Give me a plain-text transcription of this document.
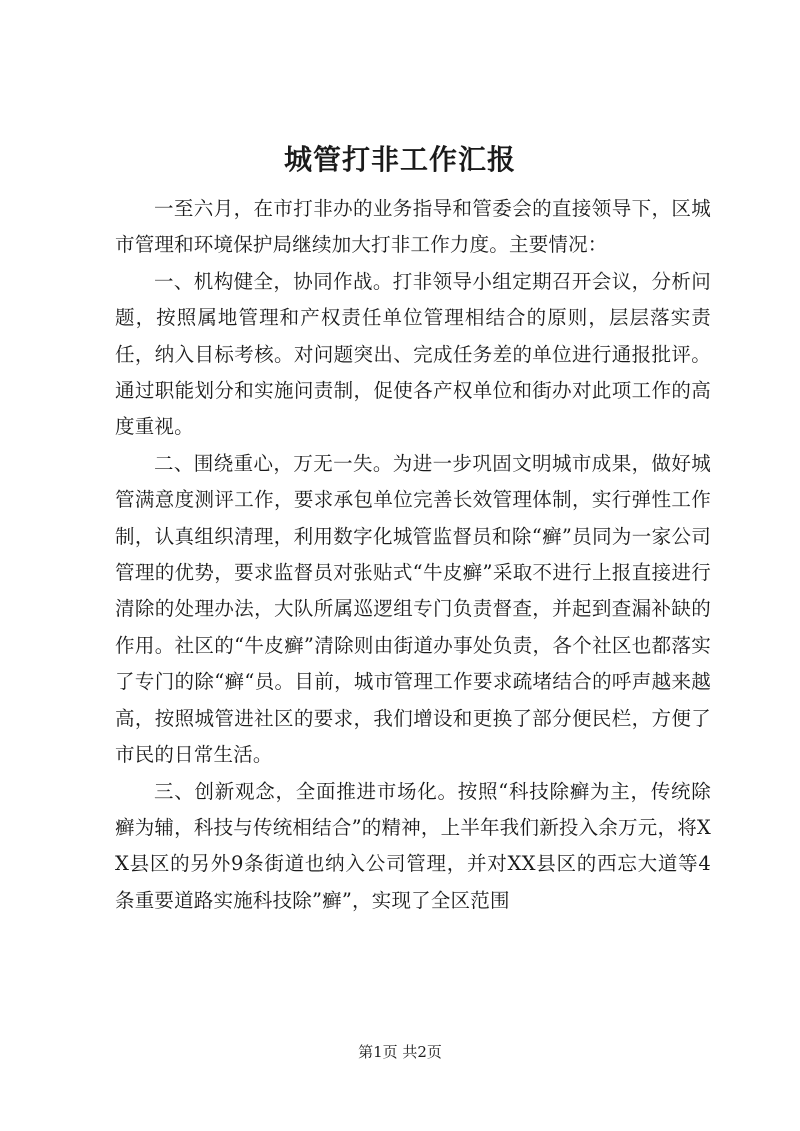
城管打非工作汇报

一至六月，在市打非办的业务指导和管委会的直接领导下，区城市管理和环境保护局继续加大打非工作力度。主要情况：

一、机构健全，协同作战。打非领导小组定期召开会议，分析问题，按照属地管理和产权责任单位管理相结合的原则，层层落实责任，纳入目标考核。对问题突出、完成任务差的单位进行通报批评。通过职能划分和实施问责制，促使各产权单位和街办对此项工作的高度重视。

二、围绕重心，万无一失。为进一步巩固文明城市成果，做好城管满意度测评工作，要求承包单位完善长效管理体制，实行弹性工作制，认真组织清理，利用数字化城管监督员和除“癣”员同为一家公司管理的优势，要求监督员对张贴式“牛皮癣”采取不进行上报直接进行清除的处理办法，大队所属巡逻组专门负责督查，并起到查漏补缺的作用。社区的“牛皮癣”清除则由街道办事处负责，各个社区也都落实了专门的除“癣“员。目前，城市管理工作要求疏堵结合的呼声越来越高，按照城管进社区的要求，我们增设和更换了部分便民栏，方便了市民的日常生活。

三、创新观念，全面推进市场化。按照“科技除癣为主，传统除癣为辅，科技与传统相结合”的精神，上半年我们新投入余万元，将XX县区的另外9条街道也纳入公司管理，并对XX县区的西忘大道等4条重要道路实施科技除”癣”，实现了全区范围

第1页 共2页
